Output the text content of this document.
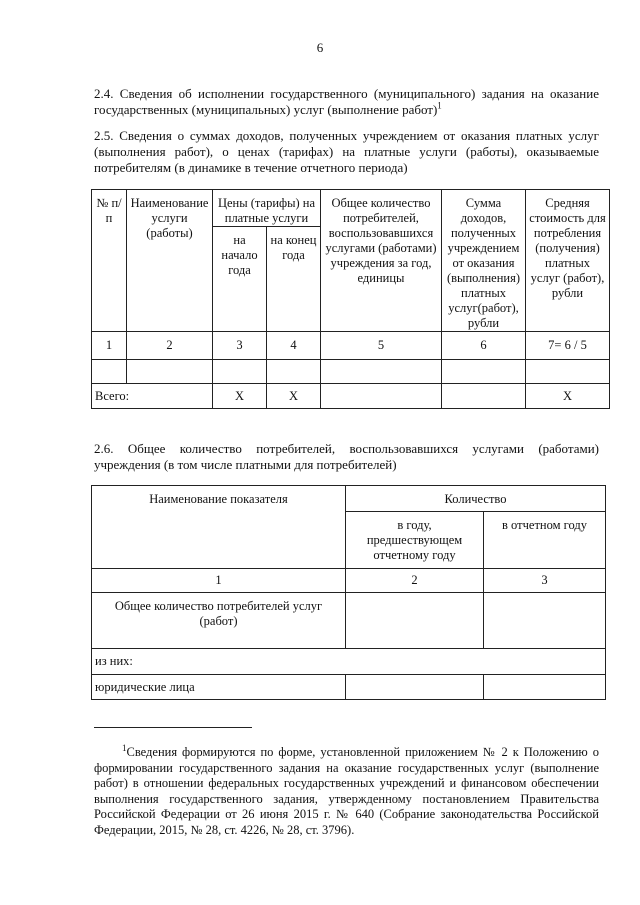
6
2.4. Сведения об исполнении государственного (муниципального) задания на оказание государственных (муниципальных) услуг (выполнение работ)$^1$
2.5. Сведения о суммах доходов, полученных учреждением от оказания платных услуг (выполнения работ), о ценах (тарифах) на платные услуги (работы), оказываемые потребителям (в динамике в течение отчетного периода)
№ п/п	Наименование услуги (работы)	Цены (тарифы) на платные услуги		Общее количество потребителей, воспользовавшихся услугами (работами) учреждения за год, единицы	Сумма доходов, полученных учреждением от оказания (выполнения) платных услуг(работ), рубли	Средняя стоимость для потребления (получения) платных услуг (работ), рубли
		на начало года	на конец года			
1	2	3	4	5	6	7= 6 / 5

Всего:		Х	Х			Х
2.6. Общее количество потребителей, воспользовавшихся услугами (работами) учреждения (в том числе платными для потребителей)
Наименование показателя	Количество	
	в году, предшествующем отчетному году	в отчетном году
1	2	3
Общее количество потребителей услуг (работ)		
из них:		
юридические лица		
$^1$Сведения формируются по форме, установленной приложением № 2 к Положению о формировании государственного задания на оказание государственных услуг (выполнение работ) в отношении федеральных государственных учреждений и финансовом обеспечении выполнения государственного задания, утвержденному постановлением Правительства Российской Федерации от 26 июня 2015 г. № 640 (Собрание законодательства Российской Федерации, 2015, № 28, ст. 4226, № 28, ст. 3796).
